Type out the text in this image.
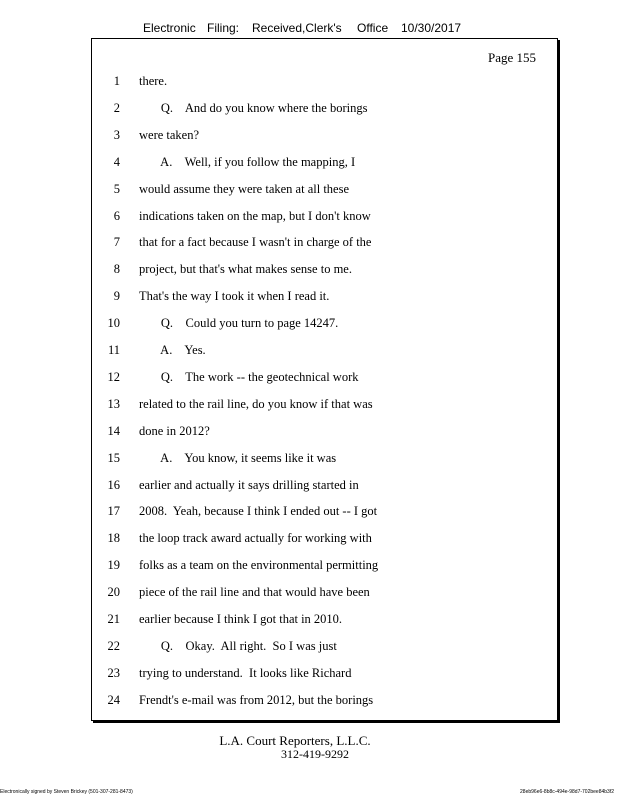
Electronic Filing: Received,Clerk's Office 10/30/2017
Page 155
1 there.
2 Q.    And do you know where the borings
3 were taken?
4 A.    Well, if you follow the mapping, I
5 would assume they were taken at all these
6 indications taken on the map, but I don't know
7 that for a fact because I wasn't in charge of the
8 project, but that's what makes sense to me.
9 That's the way I took it when I read it.
10 Q.    Could you turn to page 14247.
11 A.    Yes.
12 Q.    The work -- the geotechnical work
13 related to the rail line, do you know if that was
14 done in 2012?
15 A.    You know, it seems like it was
16 earlier and actually it says drilling started in
17 2008.  Yeah, because I think I ended out -- I got
18 the loop track award actually for working with
19 folks as a team on the environmental permitting
20 piece of the rail line and that would have been
21 earlier because I think I got that in 2010.
22 Q.    Okay.  All right.  So I was just
23 trying to understand.  It looks like Richard
24 Frendt's e-mail was from 2012, but the borings
L.A. Court Reporters, L.L.C.
312-419-9292
Electronically signed by Steven Brickey (501-307-281-8473)	28eb96e6-8b8c-494e-98d7-702bee84b3f2
